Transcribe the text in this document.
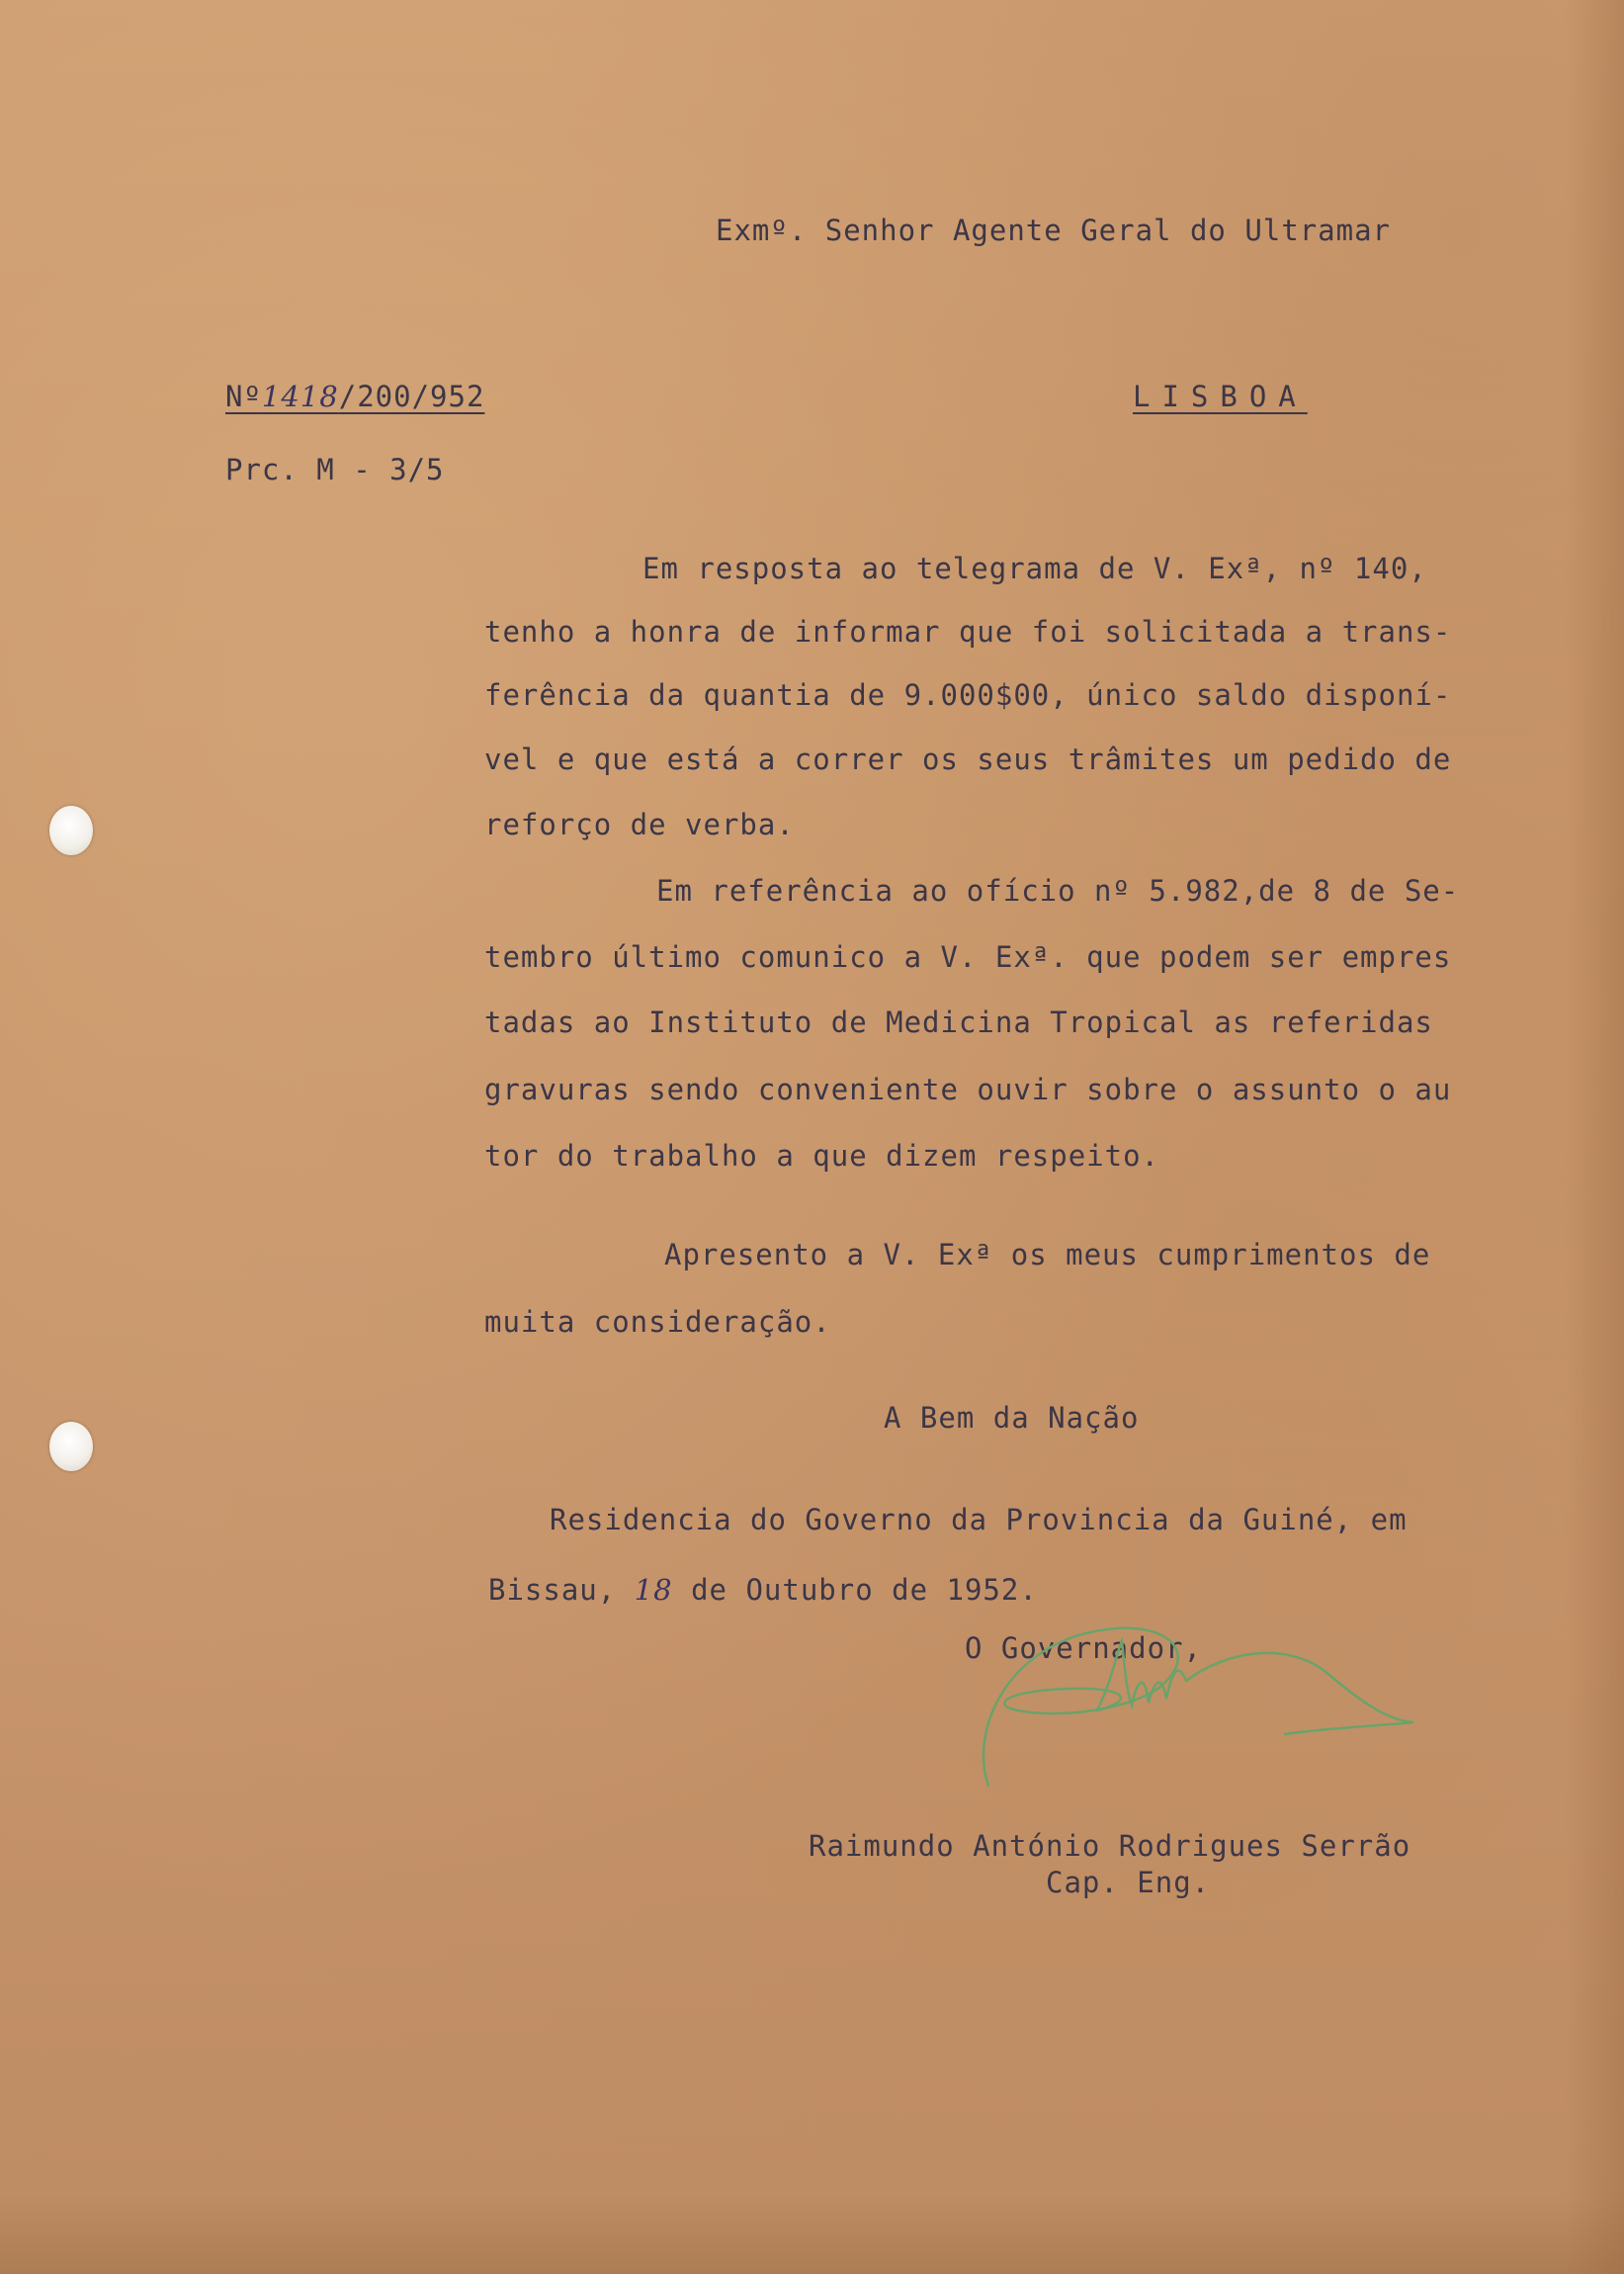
Exmº. Senhor Agente Geral do Ultramar
Nº1418/200/952	LISBOA
Prc. M - 3/5
Em resposta ao telegrama de V. Exª, nº 140,
tenho a honra de informar que foi solicitada a trans-
ferência da quantia de 9.000$00, único saldo disponí-
vel e que está a correr os seus trâmites um pedido de
reforço de verba.
Em referência ao ofício nº 5.982,de 8 de Se-
tembro último comunico a V. Exª. que podem ser empres
tadas ao Instituto de Medicina Tropical as referidas
gravuras sendo conveniente ouvir sobre o assunto o au
tor do trabalho a que dizem respeito.
Apresento a V. Exª os meus cumprimentos de
muita consideração.
A Bem da Nação
Residencia do Governo da Provincia da Guiné, em
Bissau, 18 de Outubro de 1952.
O Governador,
Raimundo António Rodrigues Serrão
Cap. Eng.
